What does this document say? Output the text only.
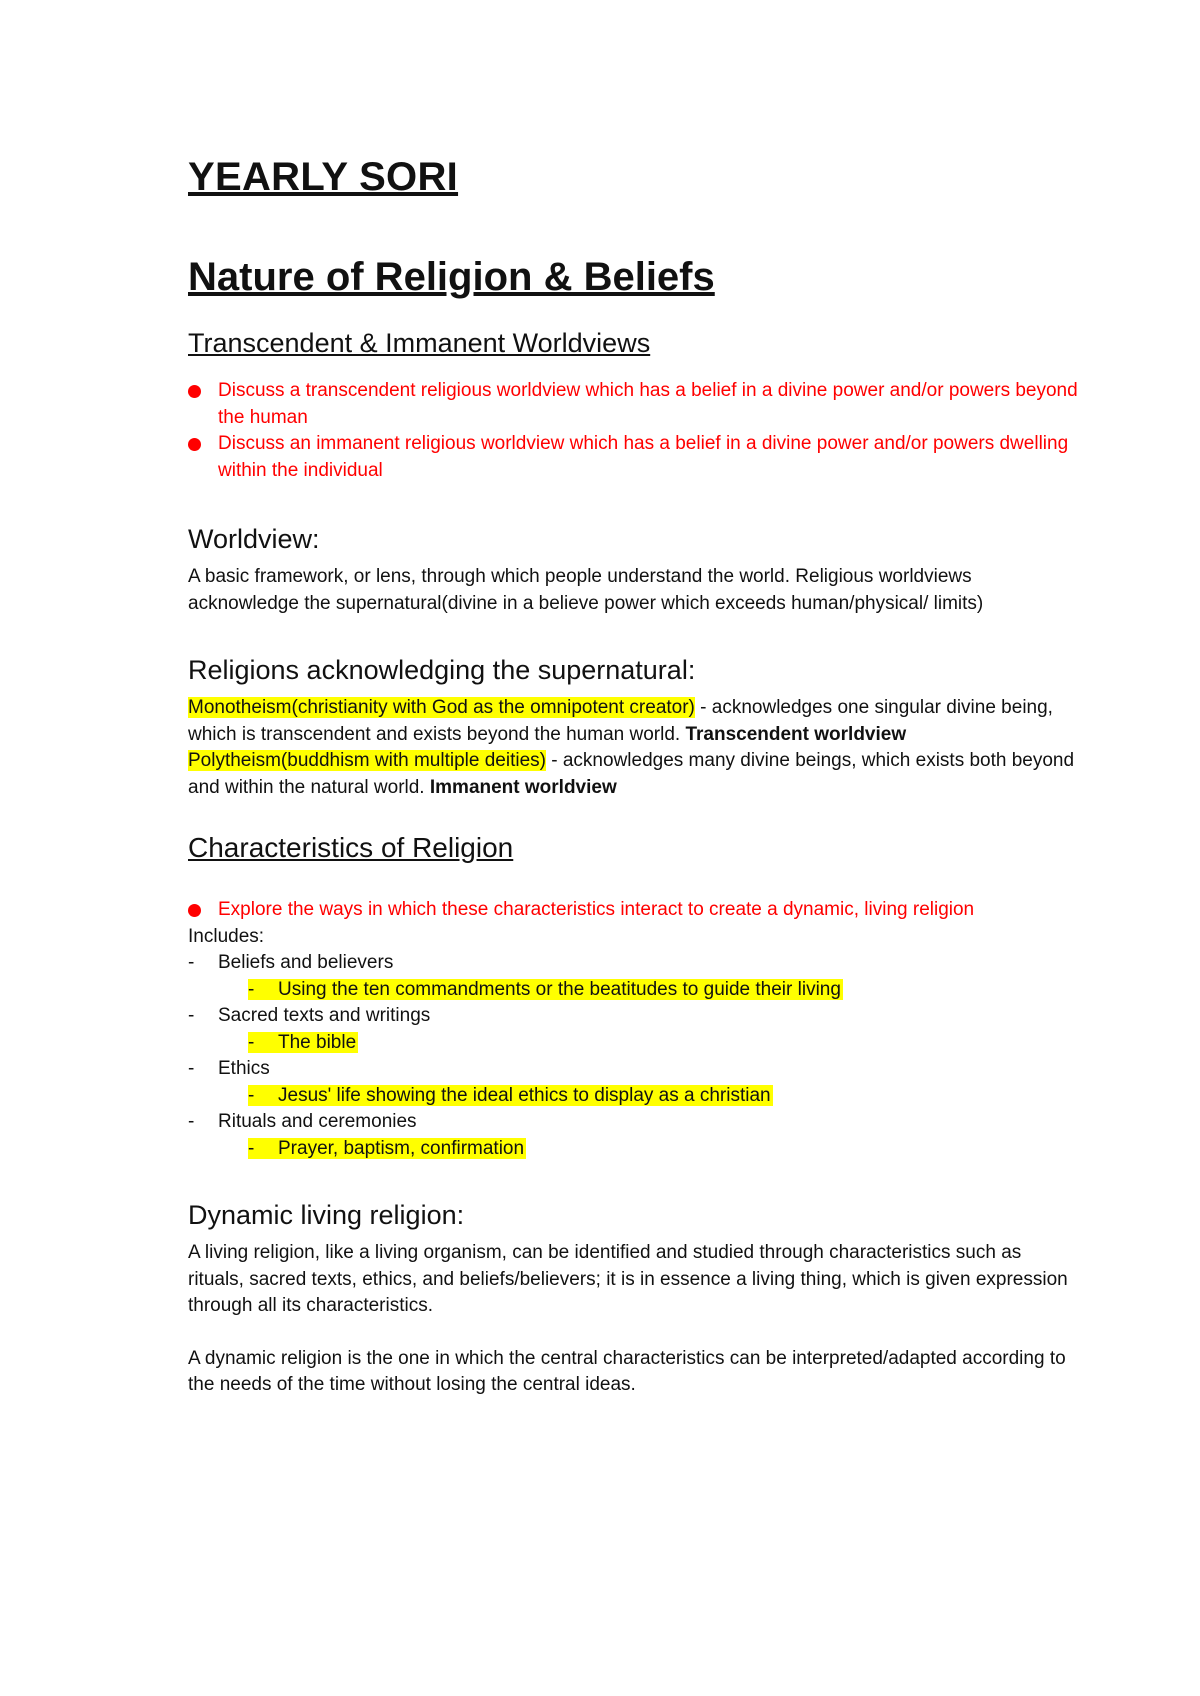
YEARLY SORI
Nature of Religion & Beliefs
Transcendent & Immanent Worldviews
Discuss a transcendent religious worldview which has a belief in a divine power and/or powers beyond the human
Discuss an immanent religious worldview which has a belief in a divine power and/or powers dwelling within the individual
Worldview:

A basic framework, or lens, through which people understand the world. Religious worldviews acknowledge the supernatural(divine in a believe power which exceeds human/physical/ limits)

Religions acknowledging the supernatural:

Monotheism(christianity with God as the omnipotent creator) - acknowledges one singular divine being, which is transcendent and exists beyond the human world. Transcendent worldview

Polytheism(buddhism with multiple deities) - acknowledges many divine beings, which exists both beyond and within the natural world. Immanent worldview

Characteristics of Religion
Explore the ways in which these characteristics interact to create a dynamic, living religion

Includes:

- Beliefs and believers
- Using the ten commandments or the beatitudes to guide their living
- Sacred texts and writings
- The bible
- Ethics
- Jesus' life showing the ideal ethics to display as a christian
- Rituals and ceremonies
- Prayer, baptism, confirmation
Dynamic living religion:

A living religion, like a living organism, can be identified and studied through characteristics such as rituals, sacred texts, ethics, and beliefs/believers; it is in essence a living thing, which is given expression through all its characteristics.

A dynamic religion is the one in which the central characteristics can be interpreted/adapted according to the needs of the time without losing the central ideas.
